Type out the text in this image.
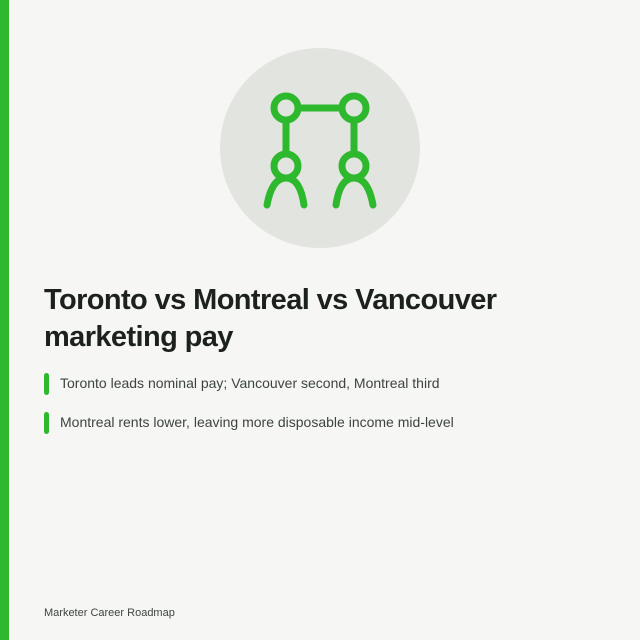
Toronto vs Montreal vs Vancouver
marketing pay
Toronto leads nominal pay; Vancouver second, Montreal third
Montreal rents lower, leaving more disposable income mid-level
Marketer Career Roadmap
